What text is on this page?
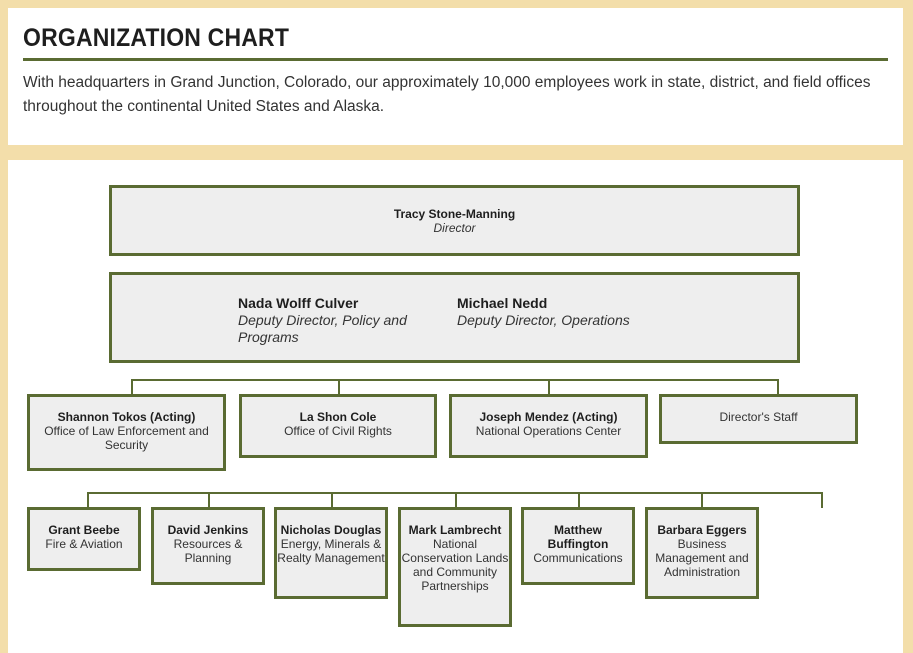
ORGANIZATION CHART

With headquarters in Grand Junction, Colorado, our approximately 10,000 employees work in state, district, and field offices throughout the continental United States and Alaska.

Tracy Stone-Manning
Director
Nada Wolff Culver
Deputy Director, Policy and Programs
Michael Nedd
Deputy Director, Operations
Shannon Tokos (Acting)
Office of Law Enforcement and Security
La Shon Cole
Office of Civil Rights
Joseph Mendez (Acting)
National Operations Center
Director's Staff
Grant Beebe
Fire & Aviation
David Jenkins
Resources & Planning
Nicholas Douglas
Energy, Minerals & Realty Management
Mark Lambrecht
National Conservation Lands and Community Partnerships
Matthew Buffington
Communications
Barbara Eggers
Business Management and Administration
